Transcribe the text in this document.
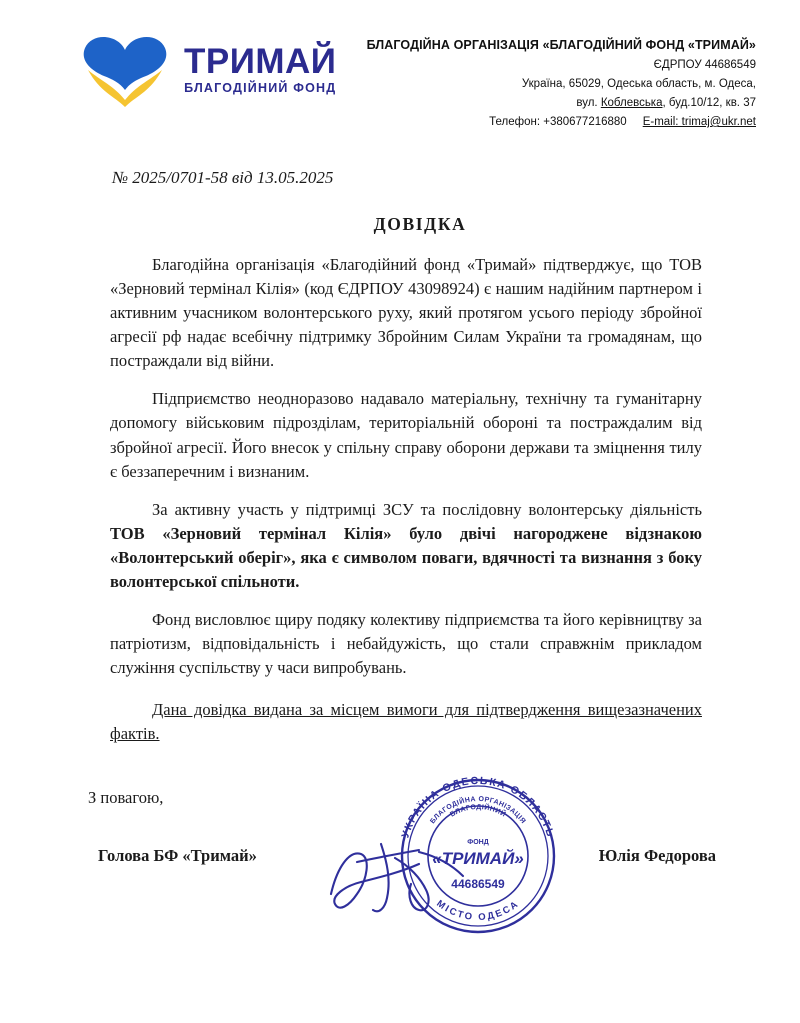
ТРИМАЙ
БЛАГОДІЙНИЙ ФОНД
БЛАГОДІЙНА ОРГАНІЗАЦІЯ «БЛАГОДІЙНИЙ ФОНД «ТРИМАЙ»
ЄДРПОУ 44686549
Україна, 65029, Одеська область, м. Одеса,
вул. Коблевська, буд.10/12, кв. 37
Телефон: +380677216880 E-mail: trimaj@ukr.net
№ 2025/0701-58 від 13.05.2025
ДОВІДКА

Благодійна організація «Благодійний фонд «Тримай» підтверджує, що ТОВ «Зерновий термінал Кілія» (код ЄДРПОУ 43098924) є нашим надійним партнером і активним учасником волонтерського руху, який протягом усього періоду збройної агресії рф надає всебічну підтримку Збройним Силам України та громадянам, що постраждали від війни.

Підприємство неодноразово надавало матеріальну, технічну та гуманітарну допомогу військовим підрозділам, територіальній обороні та постраждалим від збройної агресії. Його внесок у спільну справу оборони держави та зміцнення тилу є беззаперечним і визнаним.

За активну участь у підтримці ЗСУ та послідовну волонтерську діяльність ТОВ «Зерновий термінал Кілія» було двічі нагороджене відзнакою «Волонтерський оберіг», яка є символом поваги, вдячності та визнання з боку волонтерської спільноти.

Фонд висловлює щиру подяку колективу підприємства та його керівництву за патріотизм, відповідальність і небайдужість, що стали справжнім прикладом служіння суспільству у часи випробувань.

Дана довідка видана за місцем вимоги для підтвердження вищезазначених фактів.

З повагою,
Голова БФ «Тримай»	Юлія Федорова
УКРАЇНА ОДЕСЬКА ОБЛАСТЬ
МІСТО ОДЕСА
БЛАГОДІЙНА ОРГАНІЗАЦІЯ
БЛАГОДІЙНИЙ
ФОНД
«ТРИМАЙ»
44686549
